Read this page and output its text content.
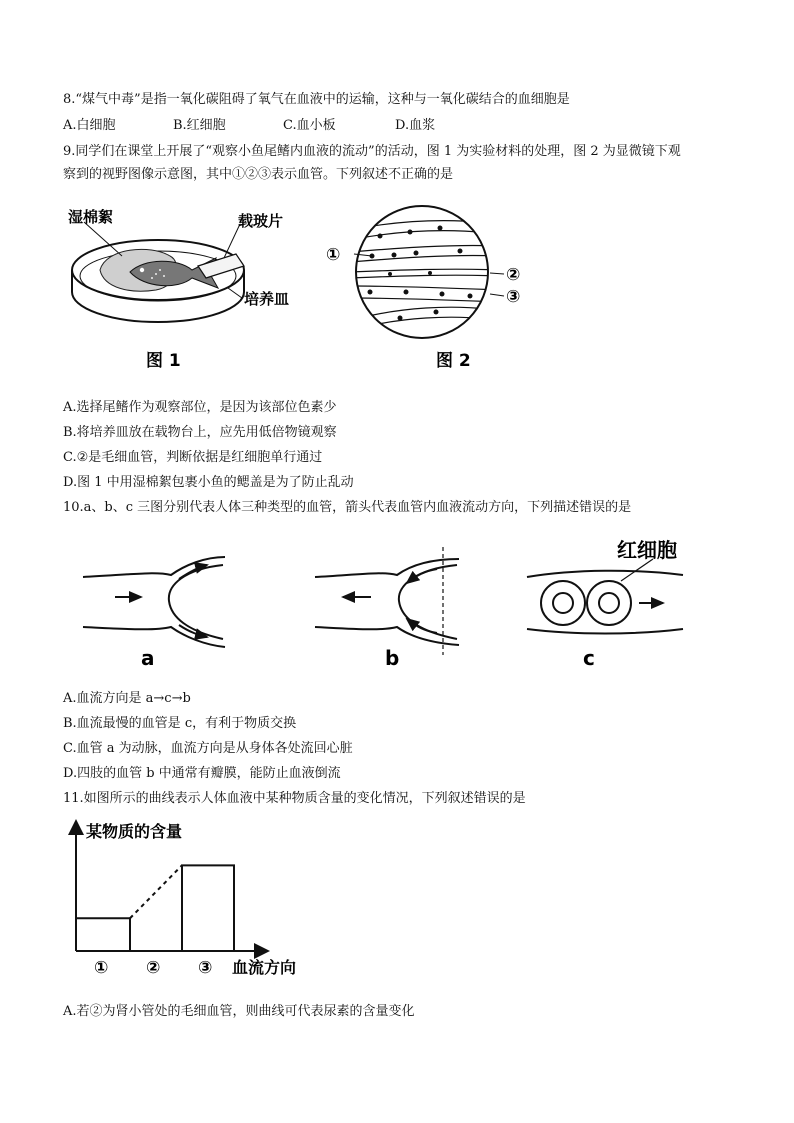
8.“煤气中毒”是指一氧化碳阻碍了氧气在血液中的运输，这种与一氧化碳结合的血细胞是
A.白细胞	B.红细胞	C.血小板	D.血浆
9.同学们在课堂上开展了“观察小鱼尾鳍内血液的流动”的活动，图 1 为实验材料的处理，图 2 为显微镜下观
察到的视野图像示意图，其中①②③表示血管。下列叙述不正确的是
湿棉絮	载玻片
培养皿
图 1
①
②
③
图 2
A.选择尾鳍作为观察部位，是因为该部位色素少
B.将培养皿放在载物台上，应先用低倍物镜观察
C.②是毛细血管，判断依据是红细胞单行通过
D.图 1 中用湿棉絮包裹小鱼的鳃盖是为了防止乱动
10.a、b、c 三图分别代表人体三种类型的血管，箭头代表血管内血液流动方向，下列描述错误的是
a	b
红细胞
c
A.血流方向是 a→c→b
B.血流最慢的血管是 c，有利于物质交换
C.血管 a 为动脉，血流方向是从身体各处流回心脏
D.四肢的血管 b 中通常有瓣膜，能防止血液倒流
11.如图所示的曲线表示人体血液中某种物质含量的变化情况，下列叙述错误的是
某物质的含量
血流方向
① ② ③
A.若②为肾小管处的毛细血管，则曲线可代表尿素的含量变化
